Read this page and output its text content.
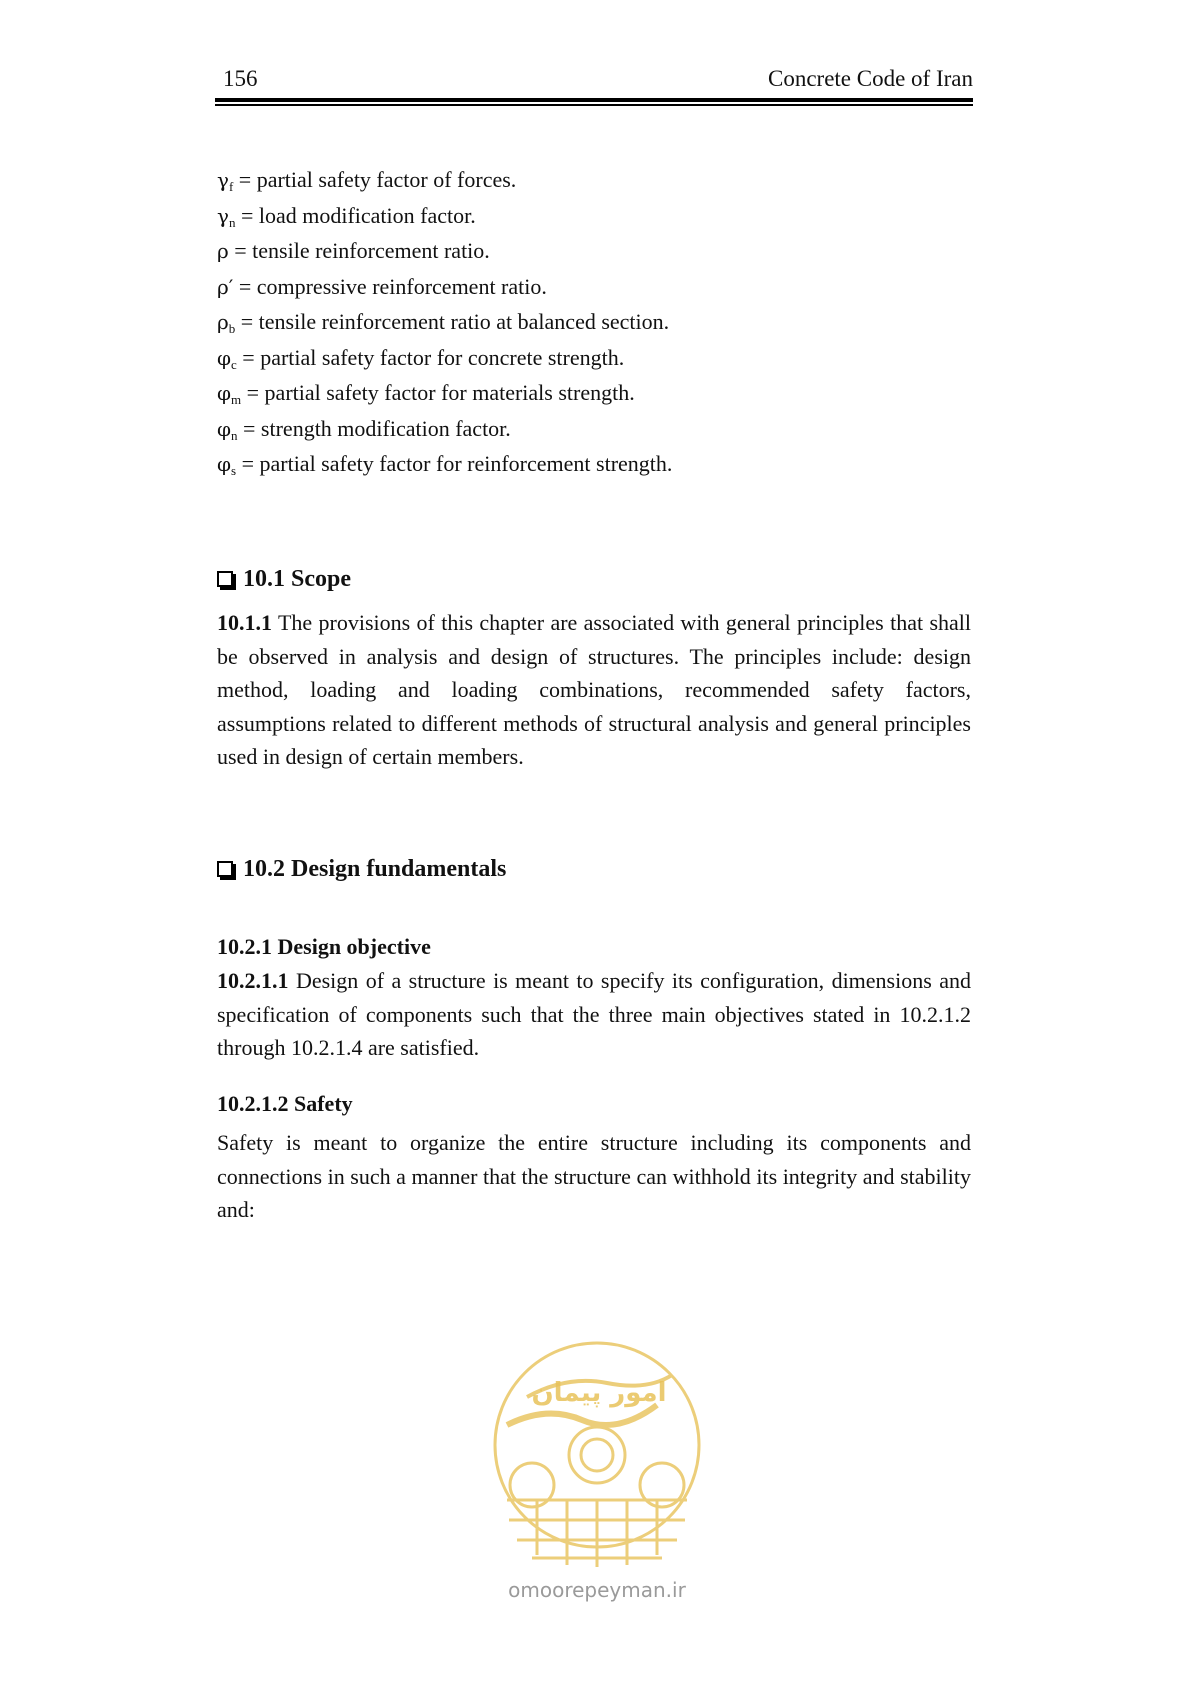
156	Concrete Code of Iran
$\gamma_f$ = partial safety factor of forces.
$\gamma_n$ = load modification factor.
ρ = tensile reinforcement ratio.
ρ′ = compressive reinforcement ratio.
$\rho_b$ = tensile reinforcement ratio at balanced section.
$\varphi_c$ = partial safety factor for concrete strength.
$\varphi_m$ = partial safety factor for materials strength.
$\varphi_n$ = strength modification factor.
$\varphi_s$ = partial safety factor for reinforcement strength.
10.1 Scope
10.1.1 The provisions of this chapter are associated with general principles that shall be observed in analysis and design of structures. The principles include: design method, loading and loading combinations, recommended safety factors, assumptions related to different methods of structural analysis and general principles used in design of certain members.
10.2 Design fundamentals
10.2.1 Design objective
10.2.1.1 Design of a structure is meant to specify its configuration, dimensions and specification of components such that the three main objectives stated in 10.2.1.2 through 10.2.1.4 are satisfied.
10.2.1.2 Safety
Safety is meant to organize the entire structure including its components and connections in such a manner that the structure can withhold its integrity and stability and:
امور پیمان
omoorepeyman.ir
